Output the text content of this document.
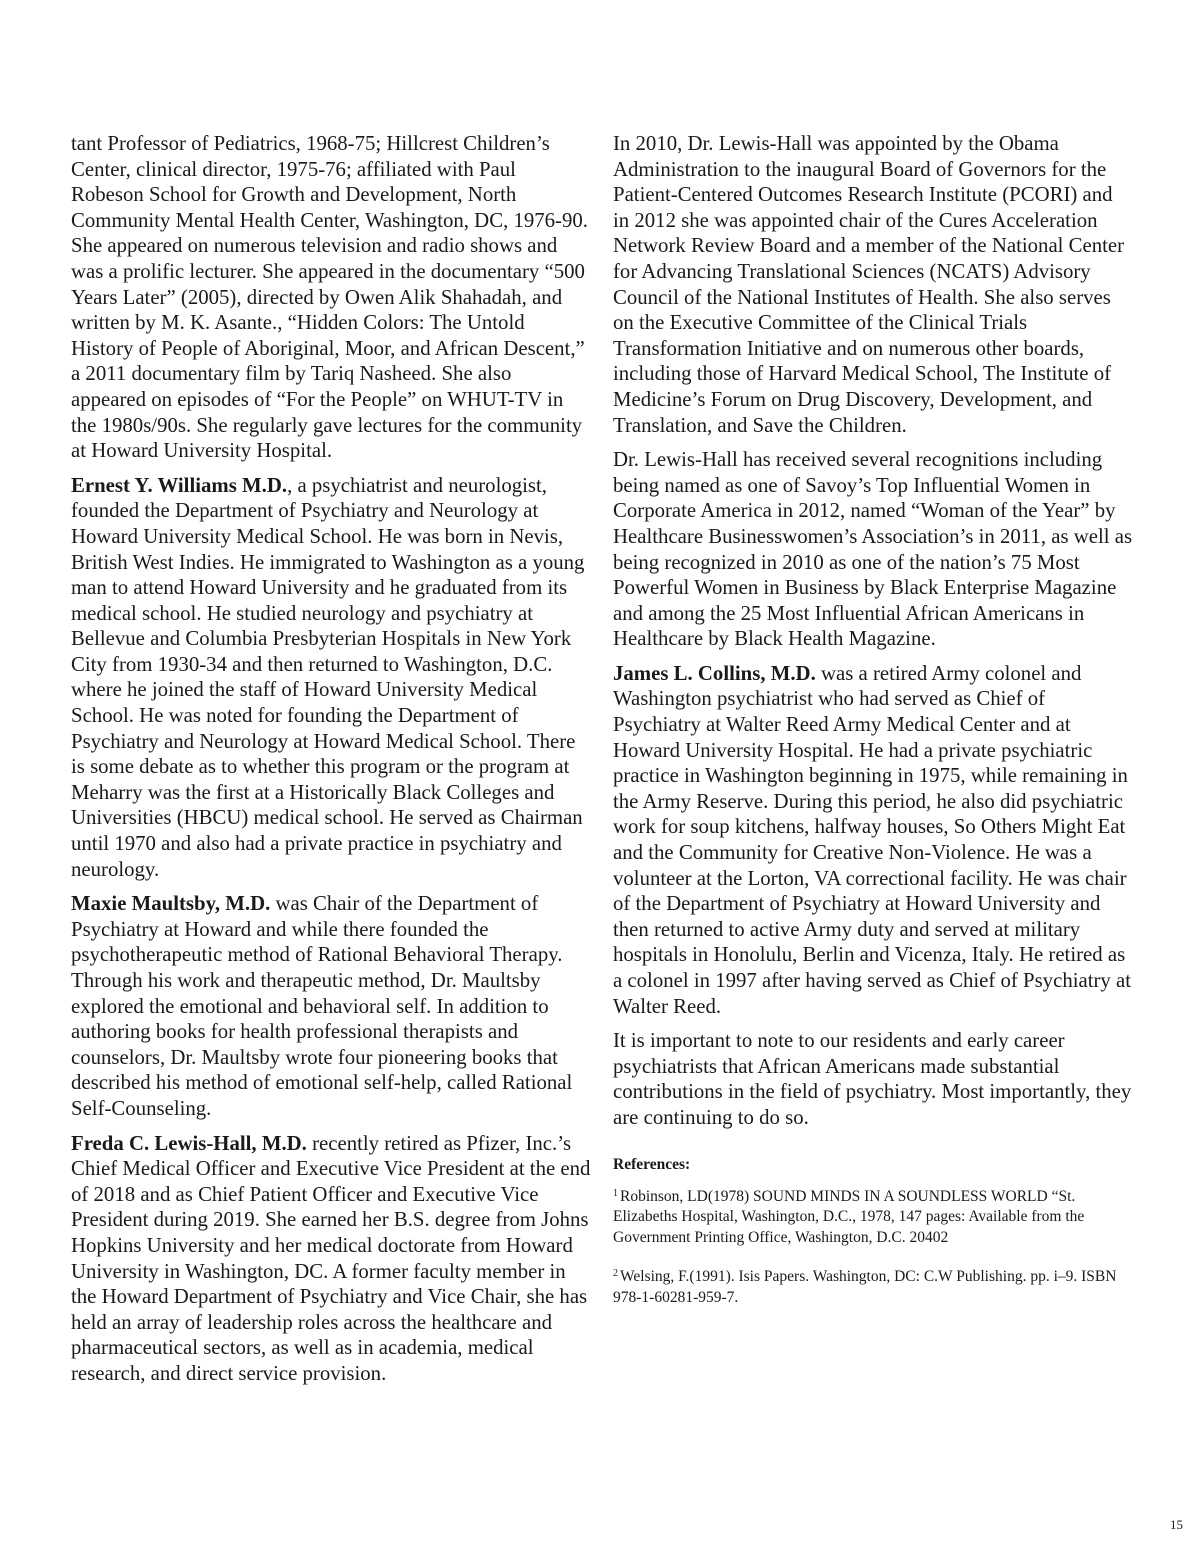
tant Professor of Pediatrics, 1968-75; Hillcrest Children’s Center, clinical director, 1975-76; affiliated with Paul Robeson School for Growth and Development, North Community Mental Health Center, Washington, DC, 1976-90. She appeared on numerous television and radio shows and was a prolific lecturer. She appeared in the documentary “500 Years Later” (2005), directed by Owen Alik Shahadah, and written by M. K. Asante., “Hidden Colors: The Untold History of People of Aboriginal, Moor, and African Descent,” a 2011 documentary film by Tariq Nasheed. She also appeared on episodes of “For the People” on WHUT-TV in the 1980s/90s. She regularly gave lectures for the community at Howard University Hospital.

Ernest Y. Williams M.D., a psychiatrist and neurologist, founded the Department of Psychiatry and Neurology at Howard University Medical School. He was born in Nevis, British West Indies. He immigrated to Washington as a young man to attend Howard University and he graduated from its medical school. He studied neurology and psychiatry at Bellevue and Columbia Presbyterian Hospitals in New York City from 1930-34 and then returned to Washington, D.C. where he joined the staff of Howard University Medical School. He was noted for founding the Department of Psychiatry and Neurology at Howard Medical School. There is some debate as to whether this program or the program at Meharry was the first at a Historically Black Colleges and Universities (HBCU) medical school. He served as Chairman until 1970 and also had a private practice in psychiatry and neurology.

Maxie Maultsby, M.D. was Chair of the Department of Psychiatry at Howard and while there founded the psychotherapeutic method of Rational Behavioral Therapy. Through his work and therapeutic method, Dr. Maultsby explored the emotional and behavioral self. In addition to authoring books for health professional therapists and counselors, Dr. Maultsby wrote four pioneering books that described his method of emotional self-help, called Rational Self-Counseling.

Freda C. Lewis-Hall, M.D. recently retired as Pfizer, Inc.’s Chief Medical Officer and Executive Vice President at the end of 2018 and as Chief Patient Officer and Executive Vice President during 2019. She earned her B.S. degree from Johns Hopkins University and her medical doctorate from Howard University in Washington, DC. A former faculty member in the Howard Department of Psychiatry and Vice Chair, she has held an array of leadership roles across the healthcare and pharmaceutical sectors, as well as in academia, medical research, and direct service provision.

In 2010, Dr. Lewis-Hall was appointed by the Obama Administration to the inaugural Board of Governors for the Patient-Centered Outcomes Research Institute (PCORI) and in 2012 she was appointed chair of the Cures Acceleration Network Review Board and a member of the National Center for Advancing Translational Sciences (NCATS) Advisory Council of the National Institutes of Health. She also serves on the Executive Committee of the Clinical Trials Transformation Initiative and on numerous other boards, including those of Harvard Medical School, The Institute of Medicine’s Forum on Drug Discovery, Development, and Translation, and Save the Children.

Dr. Lewis-Hall has received several recognitions including being named as one of Savoy’s Top Influential Women in Corporate America in 2012, named “Woman of the Year” by Healthcare Businesswomen’s Association’s in 2011, as well as being recognized in 2010 as one of the nation’s 75 Most Powerful Women in Business by Black Enterprise Magazine and among the 25 Most Influential African Americans in Healthcare by Black Health Magazine.

James L. Collins, M.D. was a retired Army colonel and Washington psychiatrist who had served as Chief of Psychiatry at Walter Reed Army Medical Center and at Howard University Hospital. He had a private psychiatric practice in Washington beginning in 1975, while remaining in the Army Reserve. During this period, he also did psychiatric work for soup kitchens, halfway houses, So Others Might Eat and the Community for Creative Non-Violence. He was a volunteer at the Lorton, VA correctional facility. He was chair of the Department of Psychiatry at Howard University and then returned to active Army duty and served at military hospitals in Honolulu, Berlin and Vicenza, Italy. He retired as a colonel in 1997 after having served as Chief of Psychiatry at Walter Reed.

It is important to note to our residents and early career psychiatrists that African Americans made substantial contributions in the field of psychiatry. Most importantly, they are continuing to do so.

References:
$^1$ Robinson, LD(1978) SOUND MINDS IN A SOUNDLESS WORLD “St. Elizabeths Hospital, Washington, D.C., 1978, 147 pages: Available from the Government Printing Office, Washington, D.C. 20402
$^2$ Welsing, F.(1991). Isis Papers. Washington, DC: C.W Publishing. pp. i–9. ISBN 978-1-60281-959-7.
15
